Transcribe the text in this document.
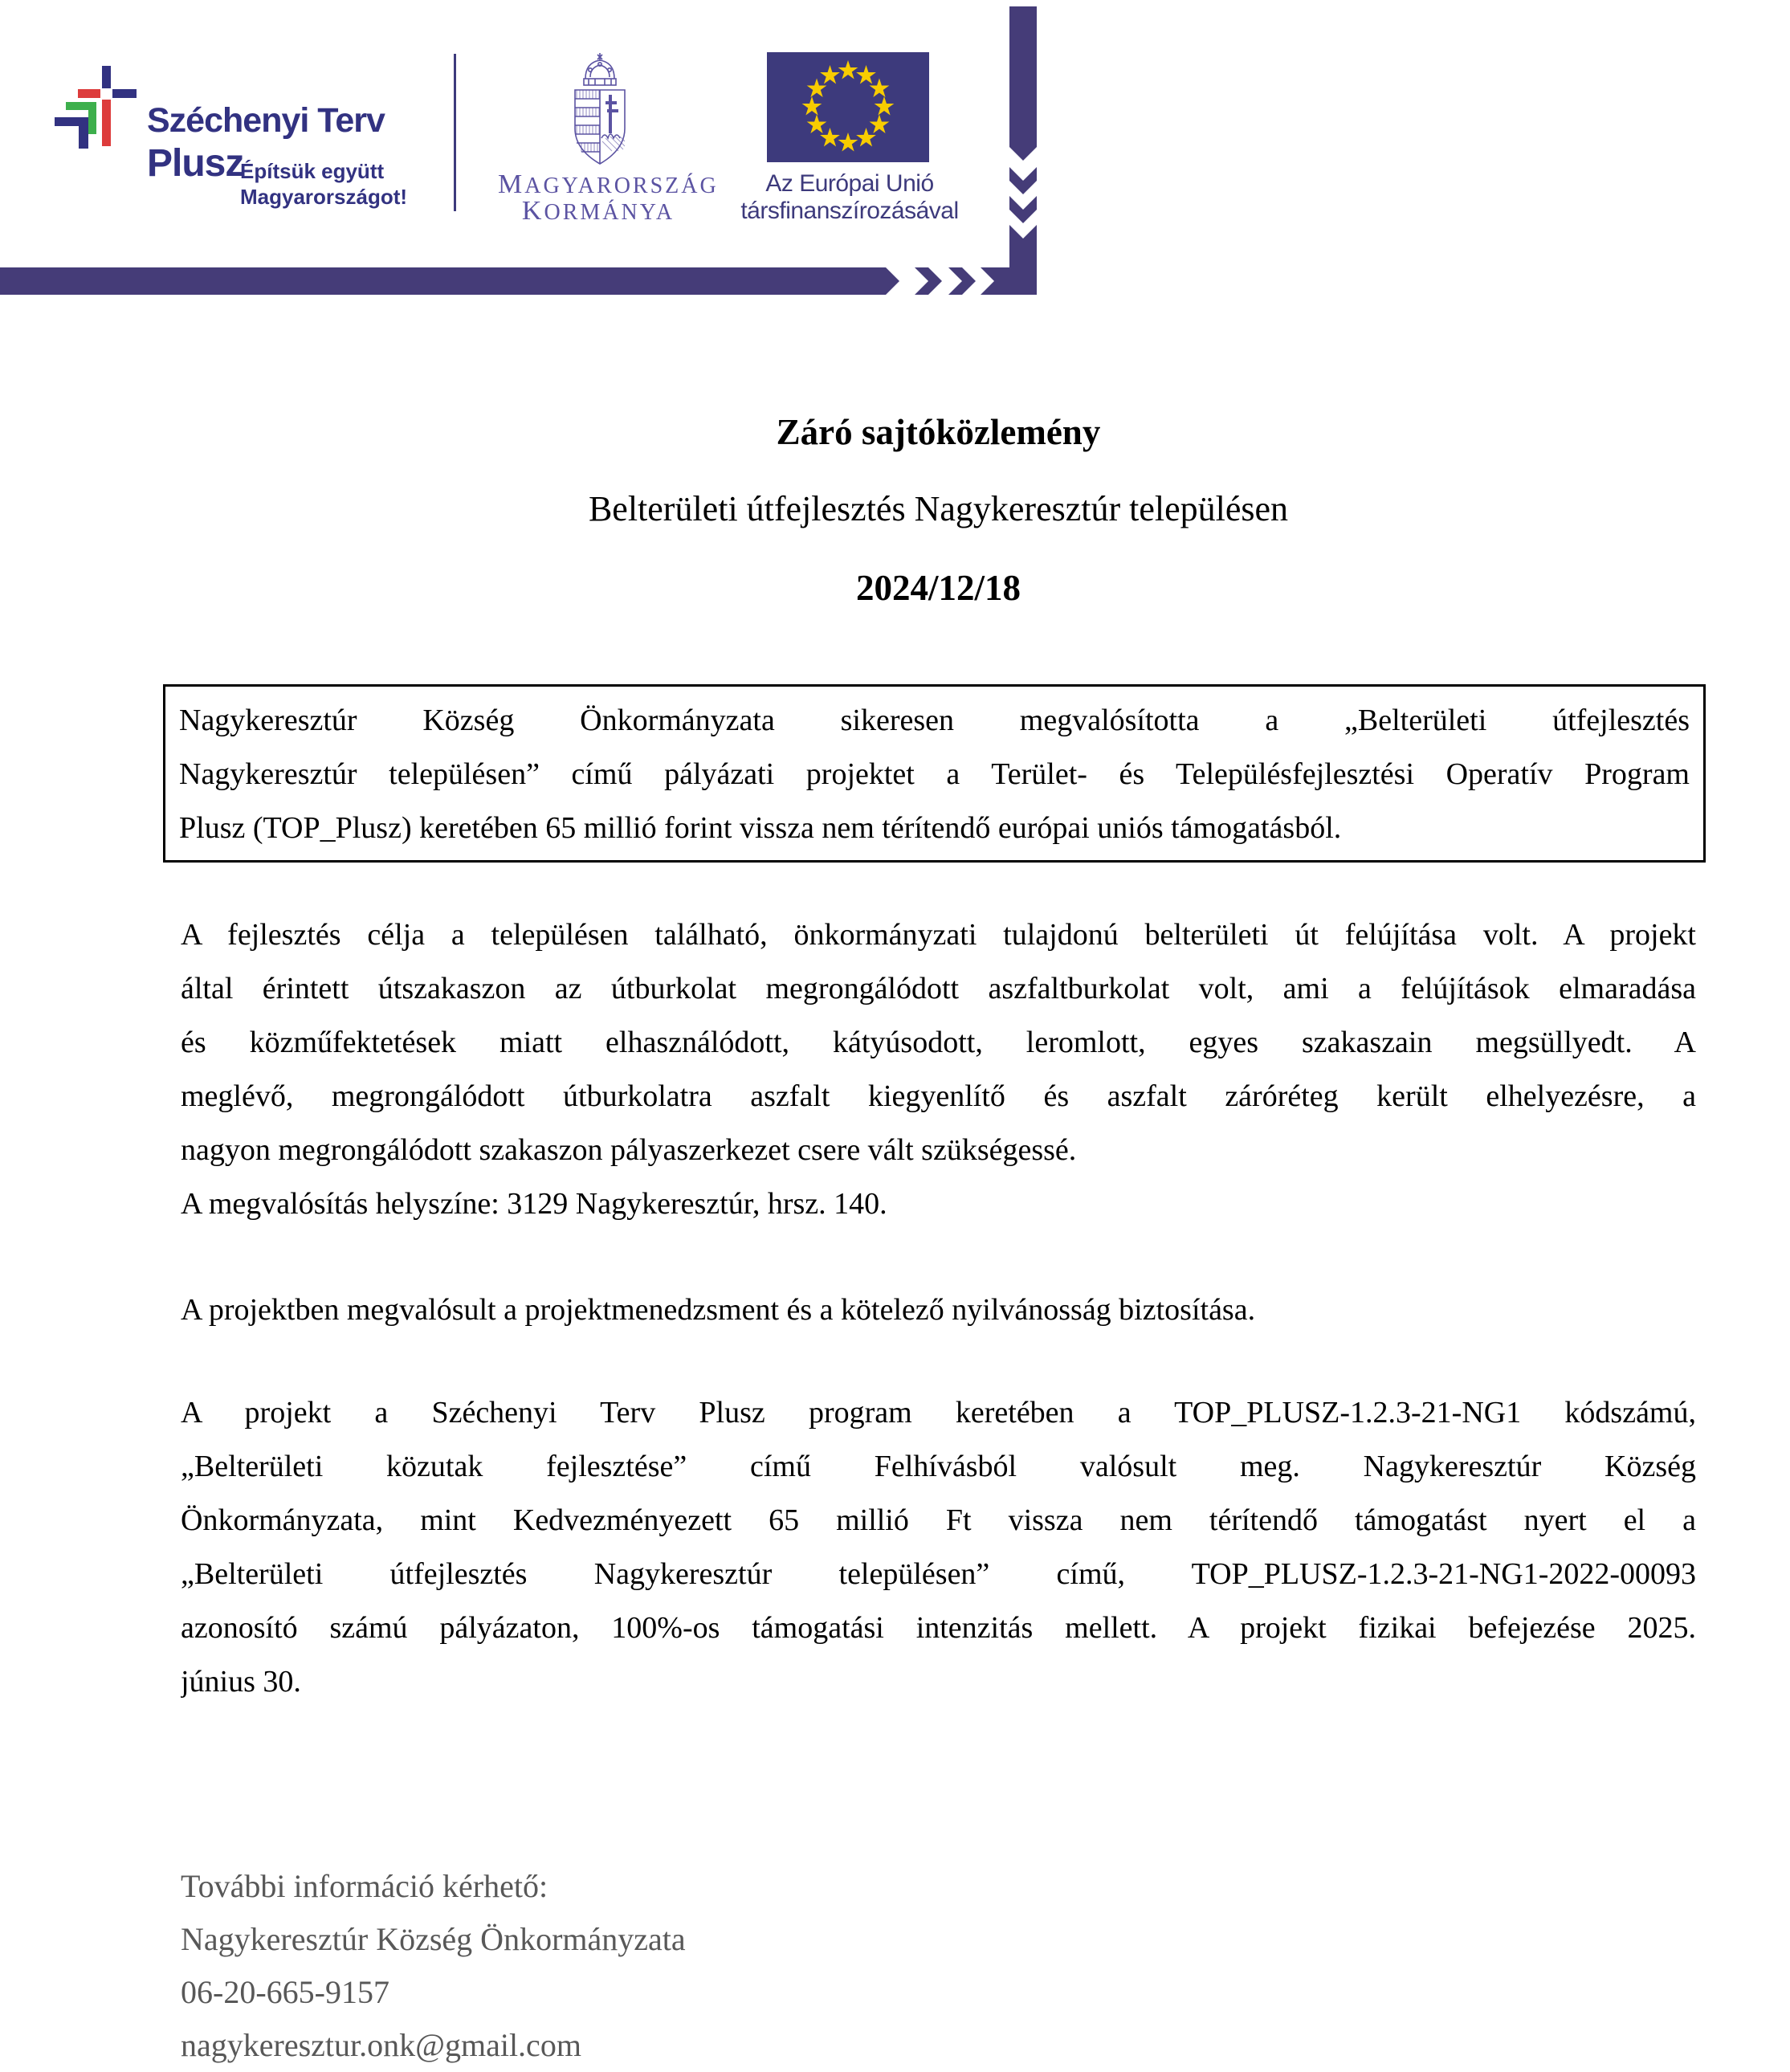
Széchenyi Terv
Plusz
Építsük együtt
Magyarországot!	MAGYARORSZÁG
KORMÁNYA
Az Európai Unió
társfinanszírozásával
Záró sajtóközlemény
Belterületi útfejlesztés Nagykeresztúr településen
2024/12/18
Nagykeresztúr Község Önkormányzata sikeresen megvalósította a „Belterületi útfejlesztés
Nagykeresztúr településen” című pályázati projektet a Terület- és Településfejlesztési Operatív Program
Plusz (TOP_Plusz) keretében 65 millió forint vissza nem térítendő európai uniós támogatásból.
A fejlesztés célja a településen található, önkormányzati tulajdonú belterületi út felújítása volt. A projekt
által érintett útszakaszon az útburkolat megrongálódott aszfaltburkolat volt, ami a felújítások elmaradása
és közműfektetések miatt elhasználódott, kátyúsodott, leromlott, egyes szakaszain megsüllyedt. A
meglévő, megrongálódott útburkolatra aszfalt kiegyenlítő és aszfalt záróréteg került elhelyezésre, a
nagyon megrongálódott szakaszon pályaszerkezet csere vált szükségessé.
A megvalósítás helyszíne: 3129 Nagykeresztúr, hrsz. 140.
A projektben megvalósult a projektmenedzsment és a kötelező nyilvánosság biztosítása.
A projekt a Széchenyi Terv Plusz program keretében a TOP_PLUSZ-1.2.3-21-NG1 kódszámú,
„Belterületi közutak fejlesztése” című Felhívásból valósult meg. Nagykeresztúr Község
Önkormányzata, mint Kedvezményezett 65 millió Ft vissza nem térítendő támogatást nyert el a
„Belterületi útfejlesztés Nagykeresztúr településen” című, TOP_PLUSZ-1.2.3-21-NG1-2022-00093
azonosító számú pályázaton, 100%-os támogatási intenzitás mellett. A projekt fizikai befejezése 2025.
június 30.
További információ kérhető:
Nagykeresztúr Község Önkormányzata
06-20-665-9157
nagykeresztur.onk@gmail.com
